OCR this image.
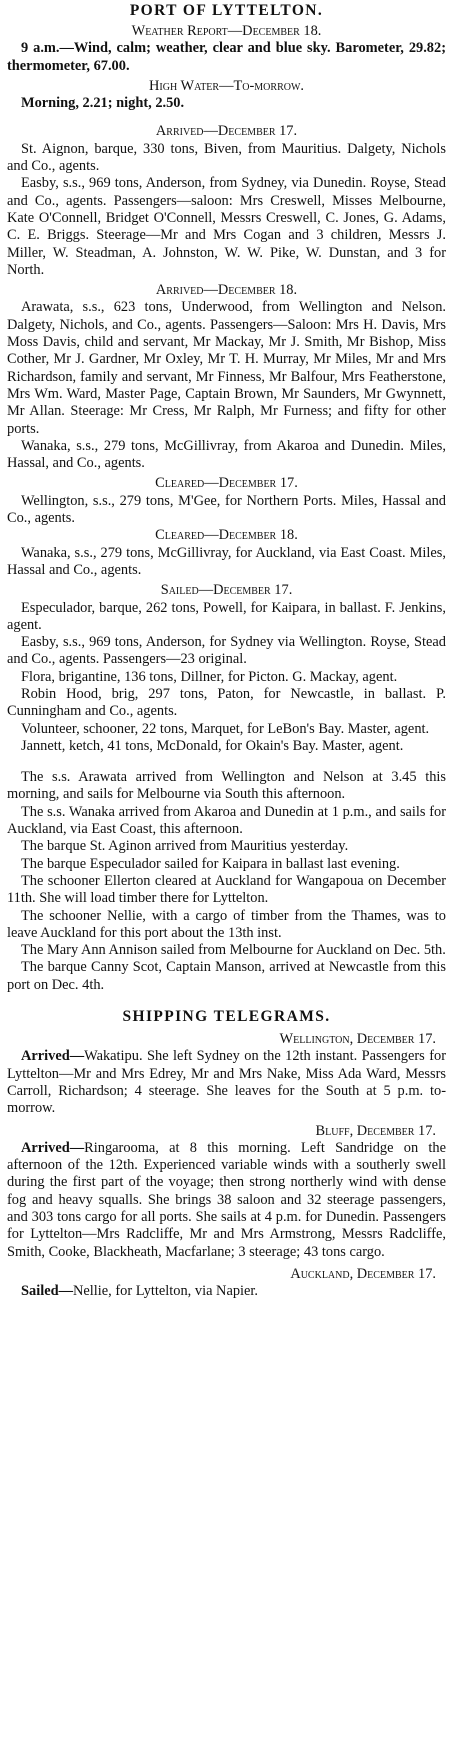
PORT OF LYTTELTON.
Weather Report—December 18.

9 a.m.—Wind, calm; weather, clear and blue sky. Barometer, 29.82; thermometer, 67.00.

High Water—To-morrow.

Morning, 2.21; night, 2.50.

Arrived—December 17.

St. Aignon, barque, 330 tons, Biven, from Mauritius. Dalgety, Nichols and Co., agents.

Easby, s.s., 969 tons, Anderson, from Sydney, via Dunedin. Royse, Stead and Co., agents. Passengers—saloon: Mrs Creswell, Misses Melbourne, Kate O'Connell, Bridget O'Connell, Messrs Creswell, C. Jones, G. Adams, C. E. Briggs. Steerage—Mr and Mrs Cogan and 3 children, Messrs J. Miller, W. Steadman, A. Johnston, W. W. Pike, W. Dunstan, and 3 for North.

Arrived—December 18.

Arawata, s.s., 623 tons, Underwood, from Wellington and Nelson. Dalgety, Nichols, and Co., agents. Passengers—Saloon: Mrs H. Davis, Mrs Moss Davis, child and servant, Mr Mackay, Mr J. Smith, Mr Bishop, Miss Cother, Mr J. Gardner, Mr Oxley, Mr T. H. Murray, Mr Miles, Mr and Mrs Richardson, family and servant, Mr Finness, Mr Balfour, Mrs Featherstone, Mrs Wm. Ward, Master Page, Captain Brown, Mr Saunders, Mr Gwynnett, Mr Allan. Steerage: Mr Cress, Mr Ralph, Mr Furness; and fifty for other ports.

Wanaka, s.s., 279 tons, McGillivray, from Akaroa and Dunedin. Miles, Hassal, and Co., agents.

Cleared—December 17.

Wellington, s.s., 279 tons, M'Gee, for Northern Ports. Miles, Hassal and Co., agents.

Cleared—December 18.

Wanaka, s.s., 279 tons, McGillivray, for Auckland, via East Coast. Miles, Hassal and Co., agents.

Sailed—December 17.

Especulador, barque, 262 tons, Powell, for Kaipara, in ballast. F. Jenkins, agent.

Easby, s.s., 969 tons, Anderson, for Sydney via Wellington. Royse, Stead and Co., agents. Passengers—23 original.

Flora, brigantine, 136 tons, Dillner, for Picton. G. Mackay, agent.

Robin Hood, brig, 297 tons, Paton, for Newcastle, in ballast. P. Cunningham and Co., agents.

Volunteer, schooner, 22 tons, Marquet, for LeBon's Bay. Master, agent.

Jannett, ketch, 41 tons, McDonald, for Okain's Bay. Master, agent.

The s.s. Arawata arrived from Wellington and Nelson at 3.45 this morning, and sails for Melbourne via South this afternoon.

The s.s. Wanaka arrived from Akaroa and Dunedin at 1 p.m., and sails for Auckland, via East Coast, this afternoon.

The barque St. Aginon arrived from Mauritius yesterday.

The barque Especulador sailed for Kaipara in ballast last evening.

The schooner Ellerton cleared at Auckland for Wangapoua on December 11th. She will load timber there for Lyttelton.

The schooner Nellie, with a cargo of timber from the Thames, was to leave Auckland for this port about the 13th inst.

The Mary Ann Annison sailed from Melbourne for Auckland on Dec. 5th.

The barque Canny Scot, Captain Manson, arrived at Newcastle from this port on Dec. 4th.

SHIPPING TELEGRAMS.
Wellington, December 17.

Arrived—Wakatipu. She left Sydney on the 12th instant. Passengers for Lyttelton—Mr and Mrs Edrey, Mr and Mrs Nake, Miss Ada Ward, Messrs Carroll, Richardson; 4 steerage. She leaves for the South at 5 p.m. to-morrow.

Bluff, December 17.

Arrived—Ringarooma, at 8 this morning. Left Sandridge on the afternoon of the 12th. Experienced variable winds with a southerly swell during the first part of the voyage; then strong northerly wind with dense fog and heavy squalls. She brings 38 saloon and 32 steerage passengers, and 303 tons cargo for all ports. She sails at 4 p.m. for Dunedin. Passengers for Lyttelton—Mrs Radcliffe, Mr and Mrs Armstrong, Messrs Radcliffe, Smith, Cooke, Blackheath, Macfarlane; 3 steerage; 43 tons cargo.

Auckland, December 17.

Sailed—Nellie, for Lyttelton, via Napier.
